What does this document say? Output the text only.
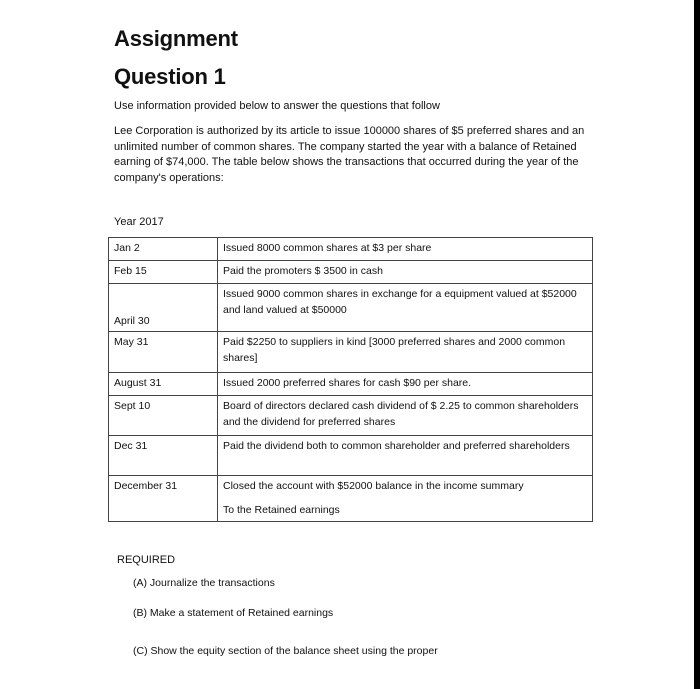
Assignment
Question 1
Use information provided below to answer the questions that follow

Lee Corporation is authorized by its article to issue 100000 shares of $5 preferred shares and an unlimited number of common shares. The company started the year with a balance of Retained earning of $74,000. The table below shows the transactions that occurred during the year of the company's operations:

Year 2017
Jan 2	Issued 8000 common shares at $3 per share
Feb 15	Paid the promoters $ 3500 in cash
April 30	Issued 9000 common shares in exchange for a equipment valued at $52000 and land valued at $50000
May 31	Paid $2250 to suppliers in kind [3000 preferred shares and 2000 common shares]
August 31	Issued 2000 preferred shares for cash $90 per share.
Sept 10	Board of directors declared cash dividend of $ 2.25 to common shareholders and the dividend for preferred shares
Dec 31	Paid the dividend both to common shareholder and preferred shareholders
December 31	Closed the account with $52000 balance in the income summary
To the Retained earnings
REQUIRED
(A) Journalize the transactions
(B) Make a statement of Retained earnings
(C) Show the equity section of the balance sheet using the proper
